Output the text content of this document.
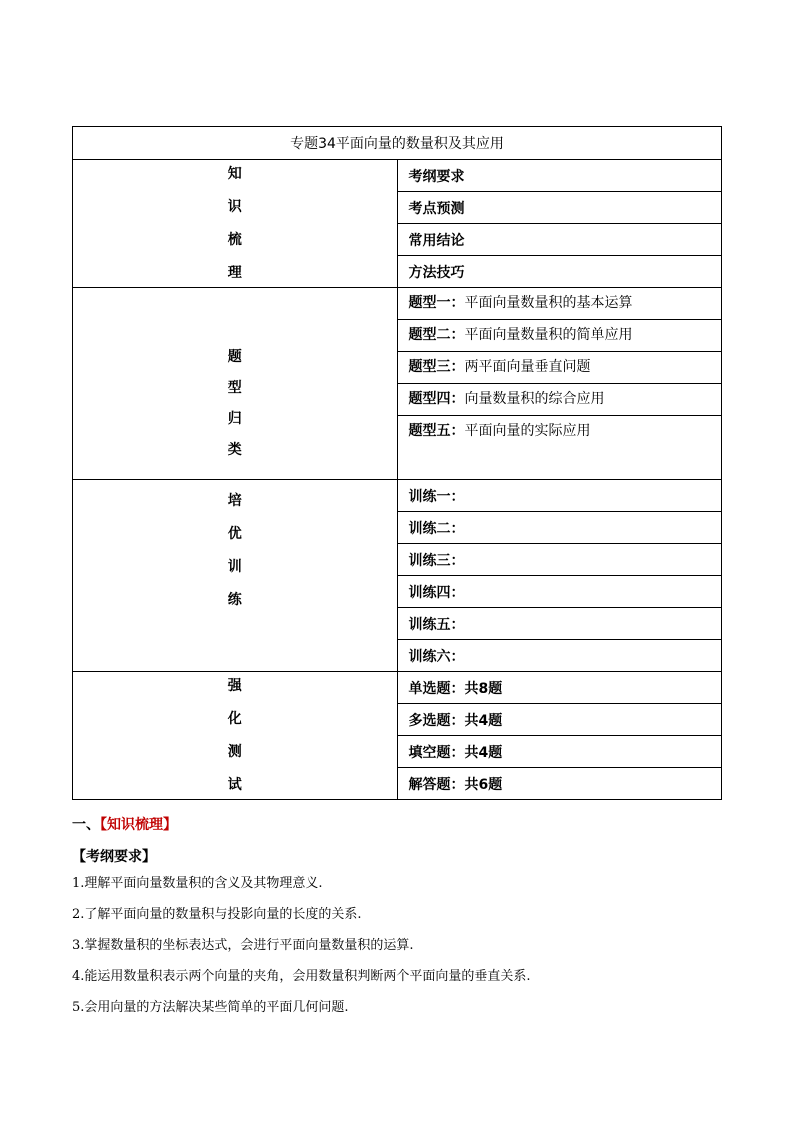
专题34平面向量的数量积及其应用	

知
识
梳
理	考纲要求
	考点预测
	常用结论
	方法技巧

题
型
归
类	题型一：平面向量数量积的基本运算
	题型二：平面向量数量积的简单应用
	题型三：两平面向量垂直问题
	题型四：向量数量积的综合应用
	题型五：平面向量的实际应用

培
优
训
练	训练一：
	训练二：
	训练三：
	训练四：
	训练五：
	训练六：

强
化
测
试	单选题：共8题
	多选题：共4题
	填空题：共4题
	解答题：共6题
一、【知识梳理】
【考纲要求】
1.理解平面向量数量积的含义及其物理意义.
2.了解平面向量的数量积与投影向量的长度的关系.
3.掌握数量积的坐标表达式，会进行平面向量数量积的运算.
4.能运用数量积表示两个向量的夹角，会用数量积判断两个平面向量的垂直关系.
5.会用向量的方法解决某些简单的平面几何问题.
